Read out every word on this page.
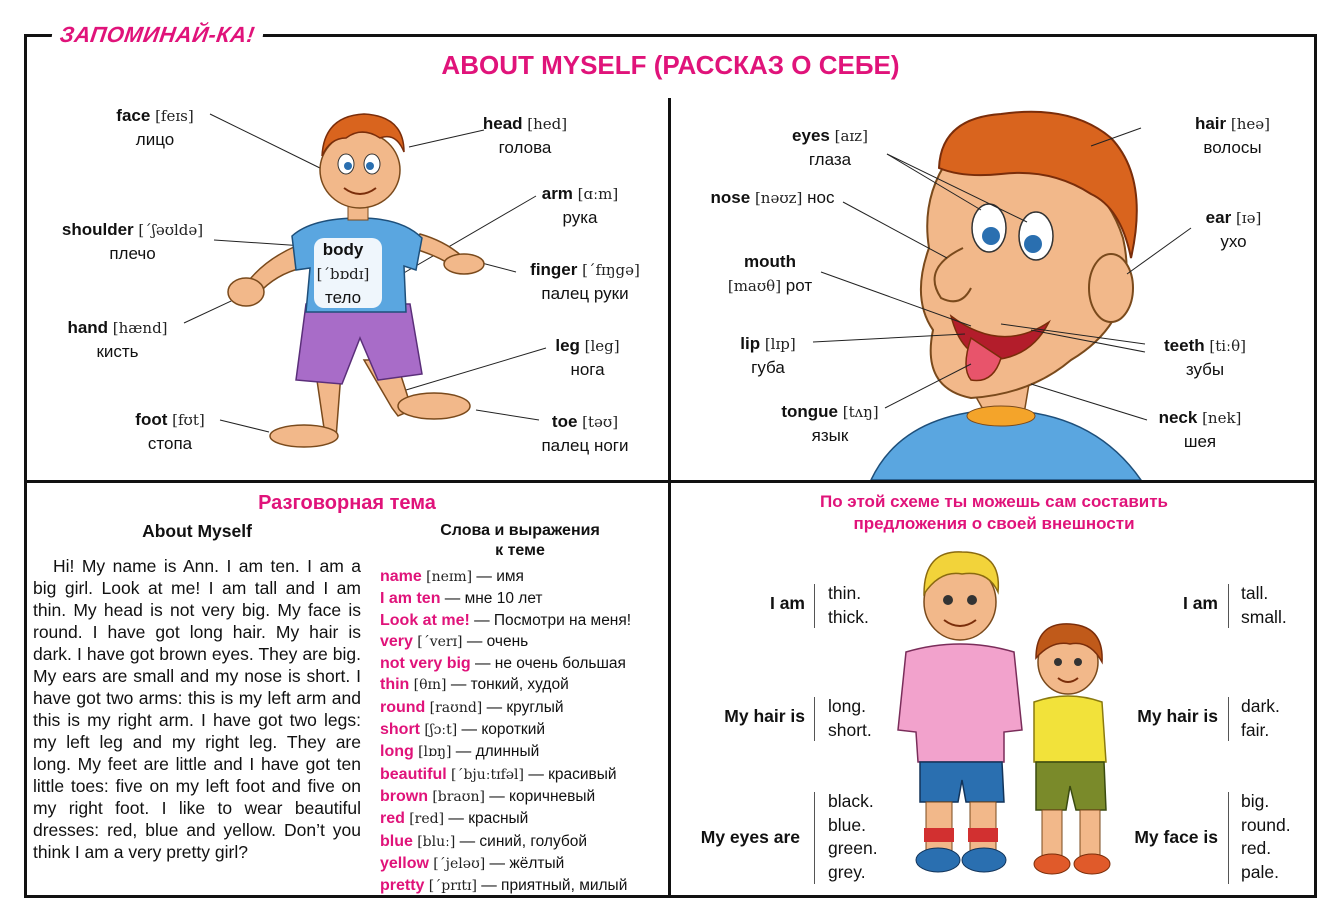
ЗАПОМИНАЙ-КА!
ABOUT MYSELF (РАССКАЗ О СЕБЕ)
face [feɪs]
лицо
head [hed]
голова
arm [ɑːm]
рука
shoulder [ˊʃəʊldə]
плечо	body
[ˊbɒdɪ]
тело
finger [ˊfɪŋgə]
палец руки
hand [hænd]
кисть	leg [leg]
нога
foot [fʊt]
стопа
toe [təʊ]
палец ноги
eyes [aɪz]
глаза
hair [heə]
волосы
nose [nəʊz] нос
ear [ɪə]
ухо
mouth
[maʊθ] рот
lip [lɪp]
губа
teeth [tiːθ]
зубы
tongue [tʌŋ]
язык
neck [nek]
шея
Разговорная тема
About Myself
Hi! My name is Ann. I am ten. I am a big girl. Look at me! I am tall and I am thin. My head is not very big. My face is round. I have got long hair. My hair is dark. I have got brown eyes. They are big. My ears are small and my nose is short. I have got two arms: this is my left arm and this is my right arm. I have got two legs: my left leg and my right leg. They are long. My feet are little and I have got ten little toes: five on my left foot and five on my right foot. I like to wear beautiful dresses: red, blue and yellow. Don’t you think I am a very pretty girl?
Слова и выражения
к теме
name [neɪm] — имя
I am ten — мне 10 лет
Look at me! — Посмотри на меня!
very [ˊverɪ] — очень
not very big — не очень большая
thin [θɪn] — тонкий, худой
round [raʊnd] — круглый
short [ʃɔːt] — короткий
long [lɒŋ] — длинный
beautiful [ˊbjuːtɪfəl] — красивый
brown [braʊn] — коричневый
red [red] — красный
blue [bluː] — синий, голубой
yellow [ˊjeləʊ] — жёлтый
pretty [ˊprɪtɪ] — приятный, милый
По этой схеме ты можешь сам составить
предложения о своей внешности
I am thin.
thick.
My hair is long.
short.
My eyes are
black.
blue.
green.
grey.
I am tall.
small.
My hair is dark.
fair.
My face is
big.
round.
red.
pale.
